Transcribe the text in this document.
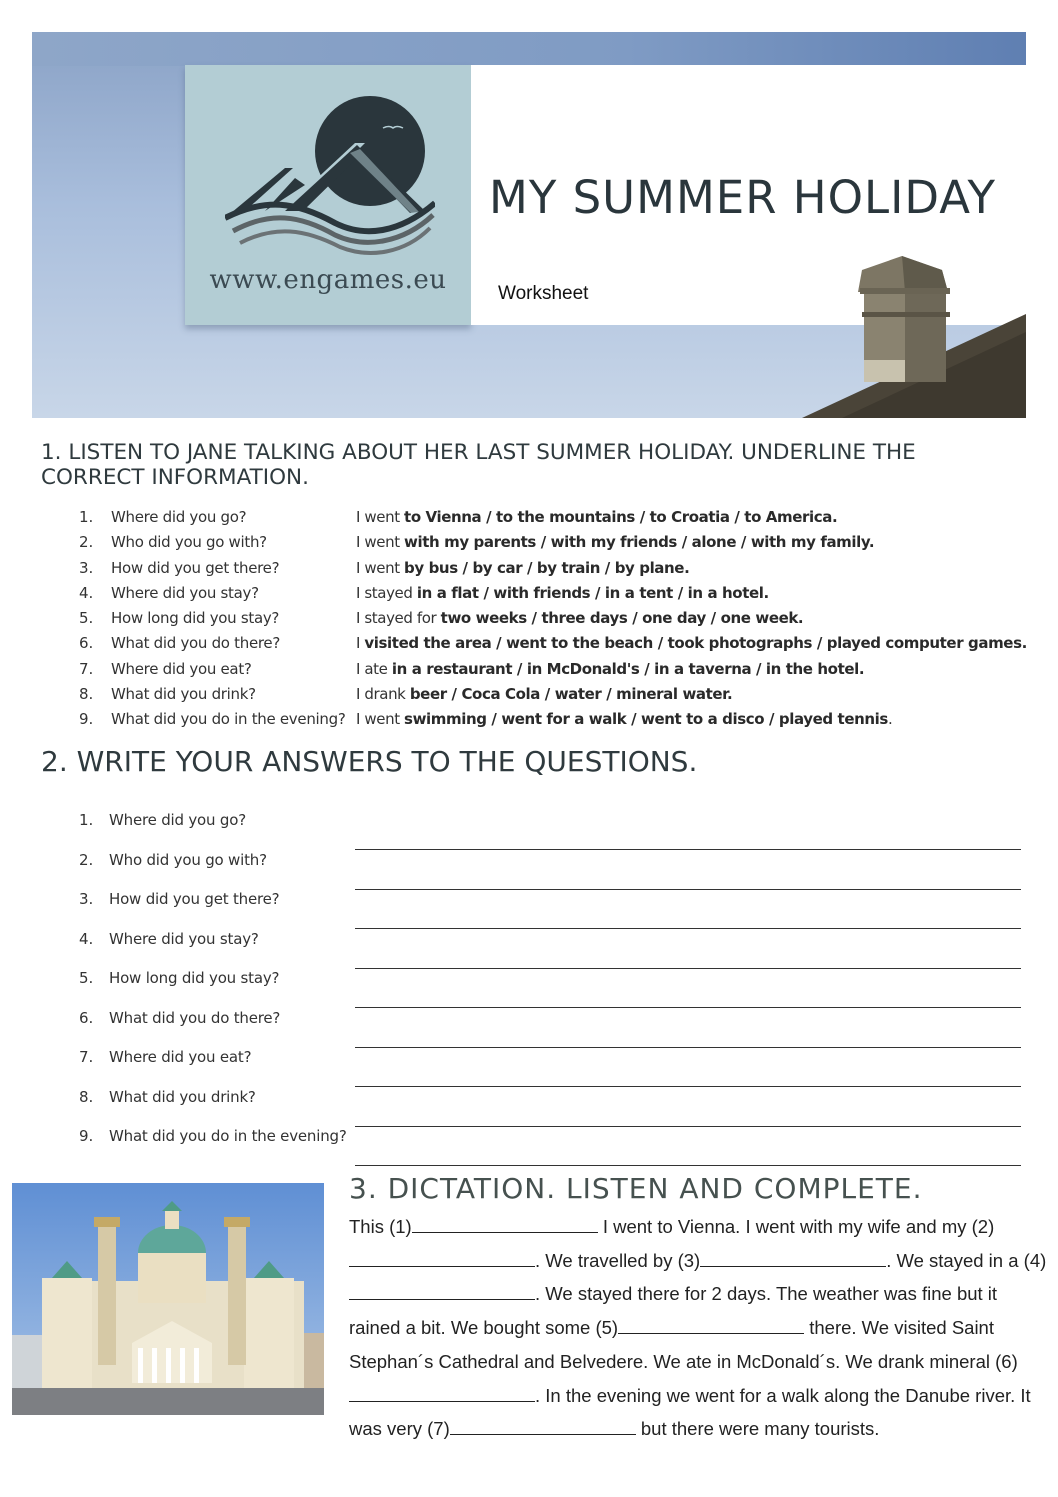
www.engames.eu
MY SUMMER HOLIDAY
Worksheet
1. LISTEN TO JANE TALKING ABOUT HER LAST SUMMER HOLIDAY. UNDERLINE THE
CORRECT INFORMATION.
1. Where did you go?	I went to Vienna / to the mountains / to Croatia / to America.
2. Who did you go with?	I went with my parents / with my friends / alone / with my family.
3. How did you get there?	I went by bus / by car / by train / by plane.
4. Where did you stay?	I stayed in a flat / with friends / in a tent / in a hotel.
5. How long did you stay?	I stayed for two weeks / three days / one day / one week.
6. What did you do there?	I visited the area / went to the beach / took photographs / played computer games.
7. Where did you eat?	I ate in a restaurant / in McDonald's / in a taverna / in the hotel.
8. What did you drink?	I drank beer / Coca Cola / water / mineral water.
9. What did you do in the evening? I went swimming / went for a walk / went to a disco / played tennis.
2. WRITE YOUR ANSWERS TO THE QUESTIONS.
1. Where did you go?
2. Who did you go with?
3. How did you get there?
4. Where did you stay?
5. How long did you stay?
6. What did you do there?
7. Where did you eat?
8. What did you drink?
9. What did you do in the evening?
3. DICTATION. LISTEN AND COMPLETE.
This (1)	I went to Vienna. I went with my wife and my (2). We travelled by (3)	. We stayed in a (4). We stayed there for 2 days. The weather was fine but it rained a bit. We bought some (5)	there. We visited Saint Stephan´s Cathedral and Belvedere. We ate in McDonald´s. We drank mineral (6). In the evening we went for a walk along the Danube river. It was very (7)	but there were many tourists.
